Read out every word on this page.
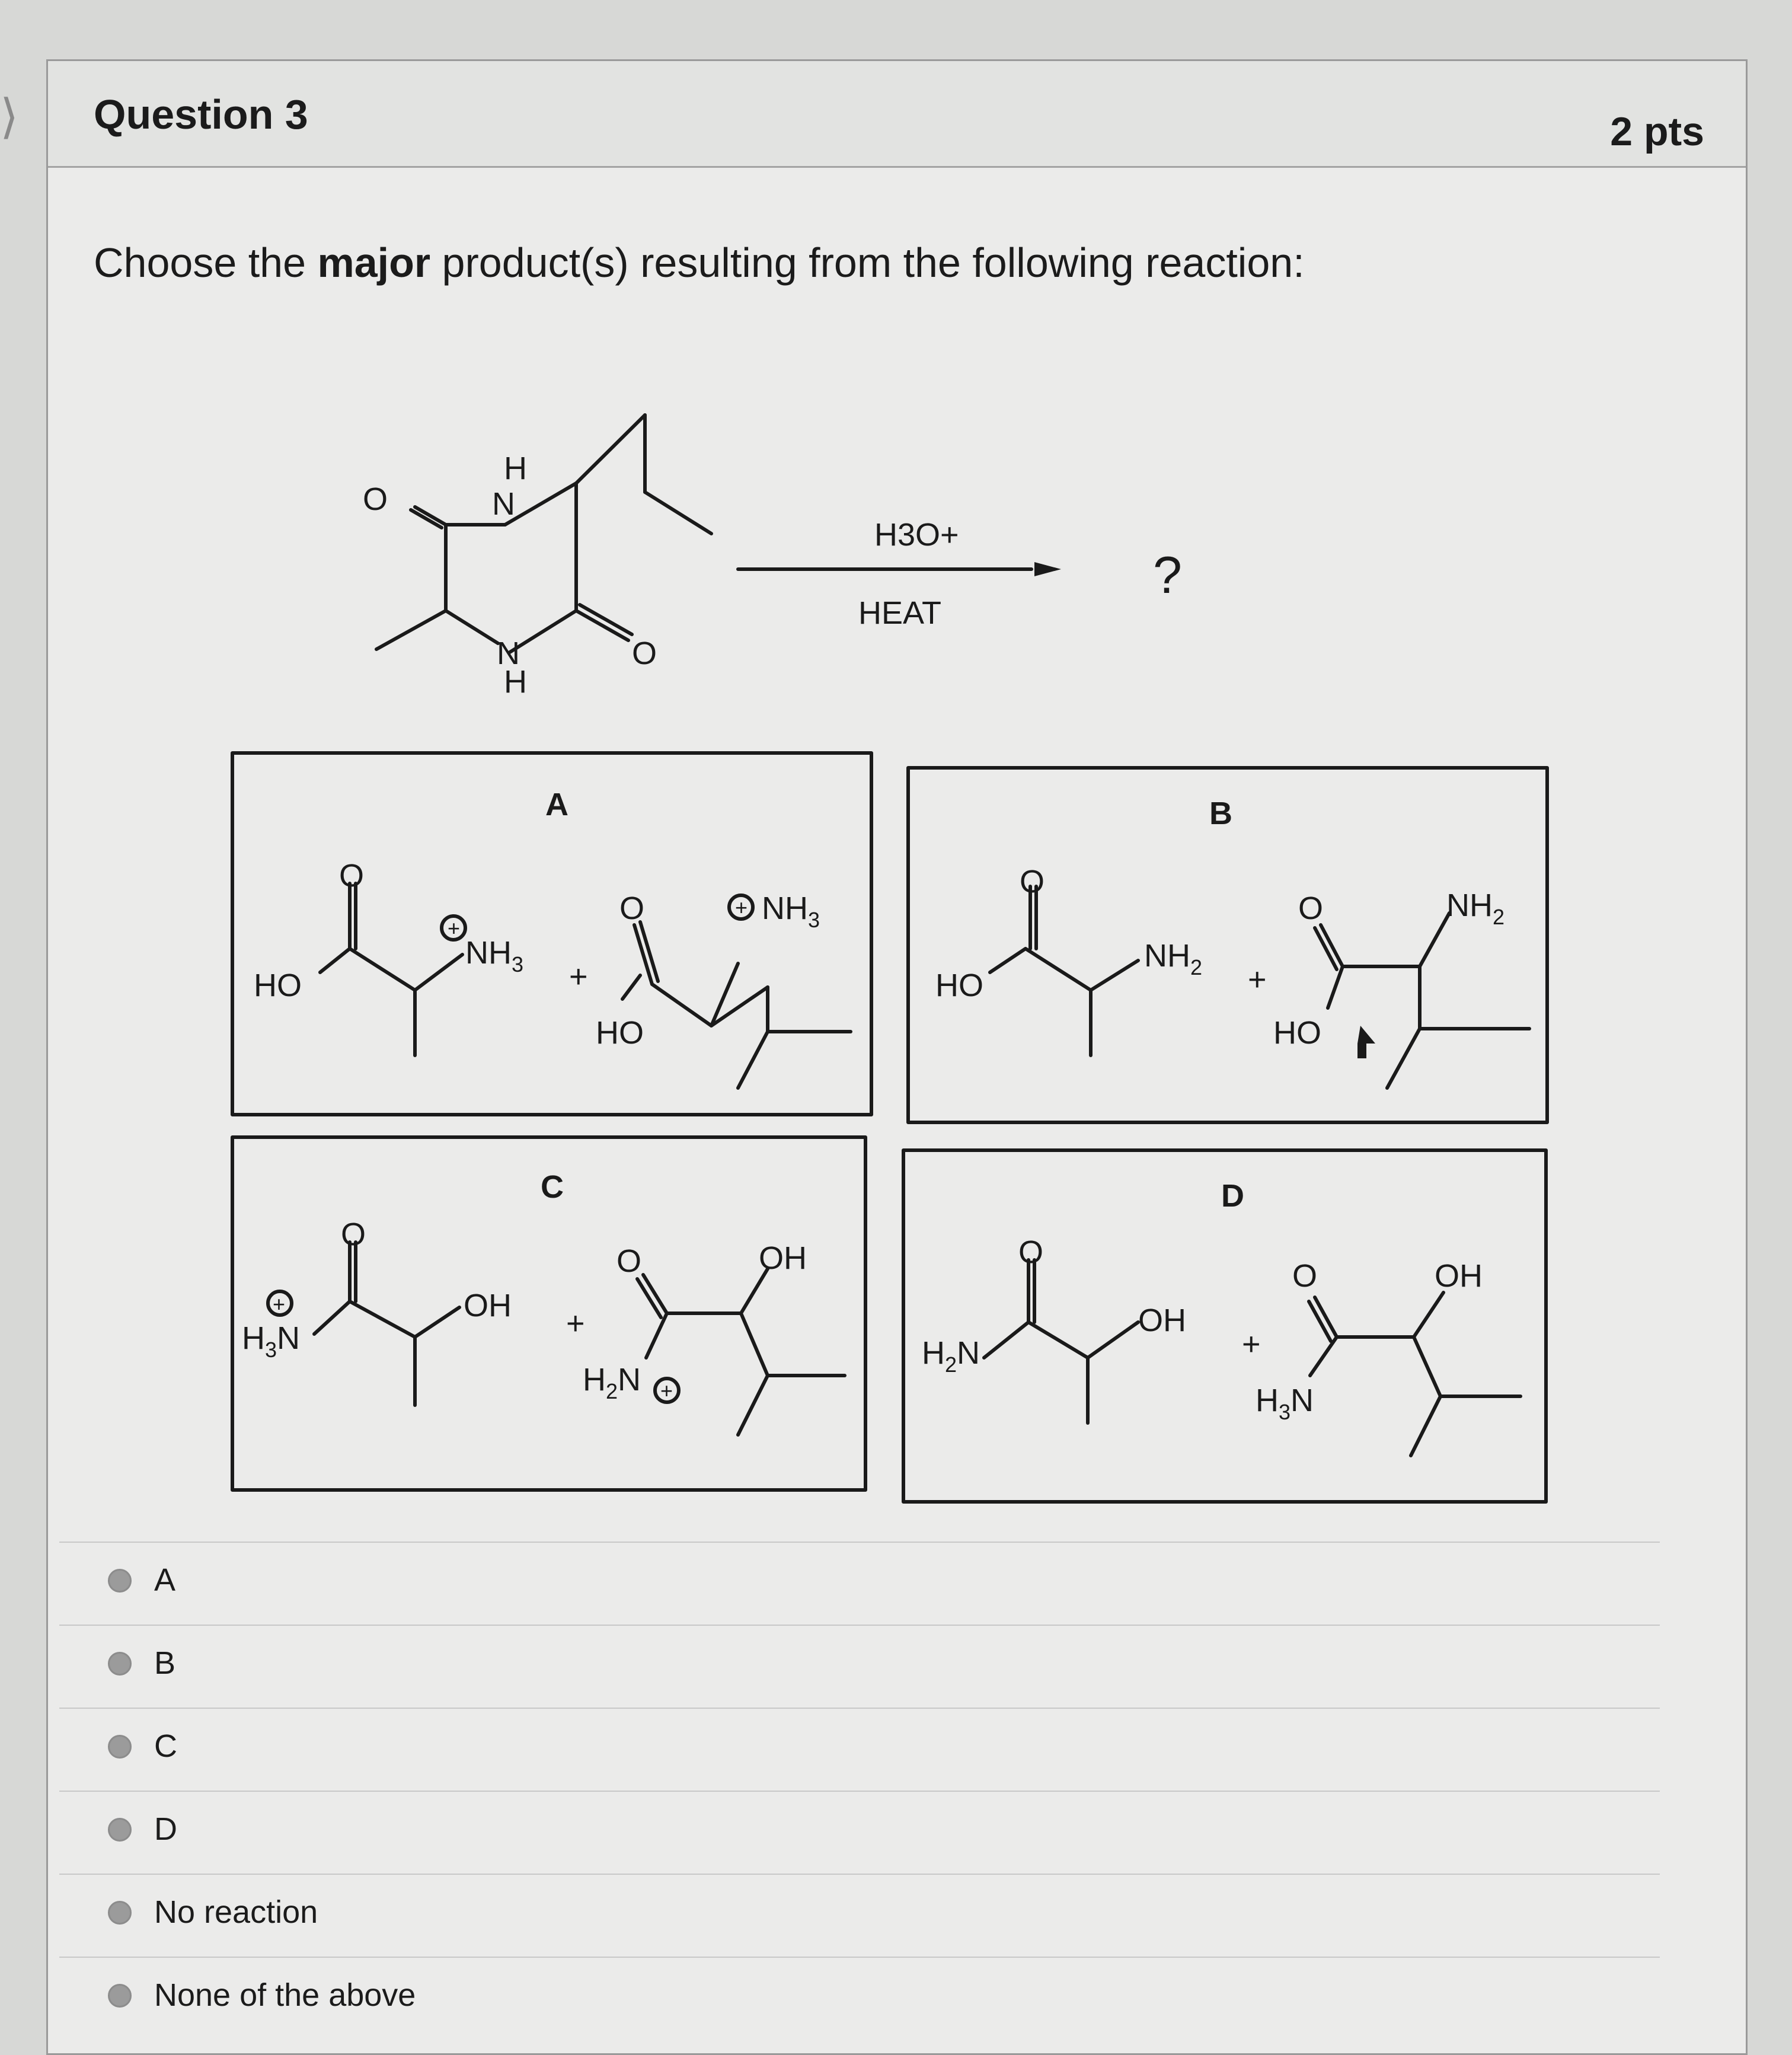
⟩ Question 3	2 pts
Choose the major product(s) resulting from the following reaction:
O	N
H
N
H
O
H3O+
HEAT
?
A	B
C	D
O
HO
+
$NH_3$ +
O	+ $NH_3$
HO
O
HO
$NH_2$ +
O	$NH_2$
HO
O
+
$H_3N$
OH +
O	OH
$H_2N$ +
O
$H_2N$
OH
+
O	OH
$H_3N$
A
B
C
D
No reaction
None of the above
